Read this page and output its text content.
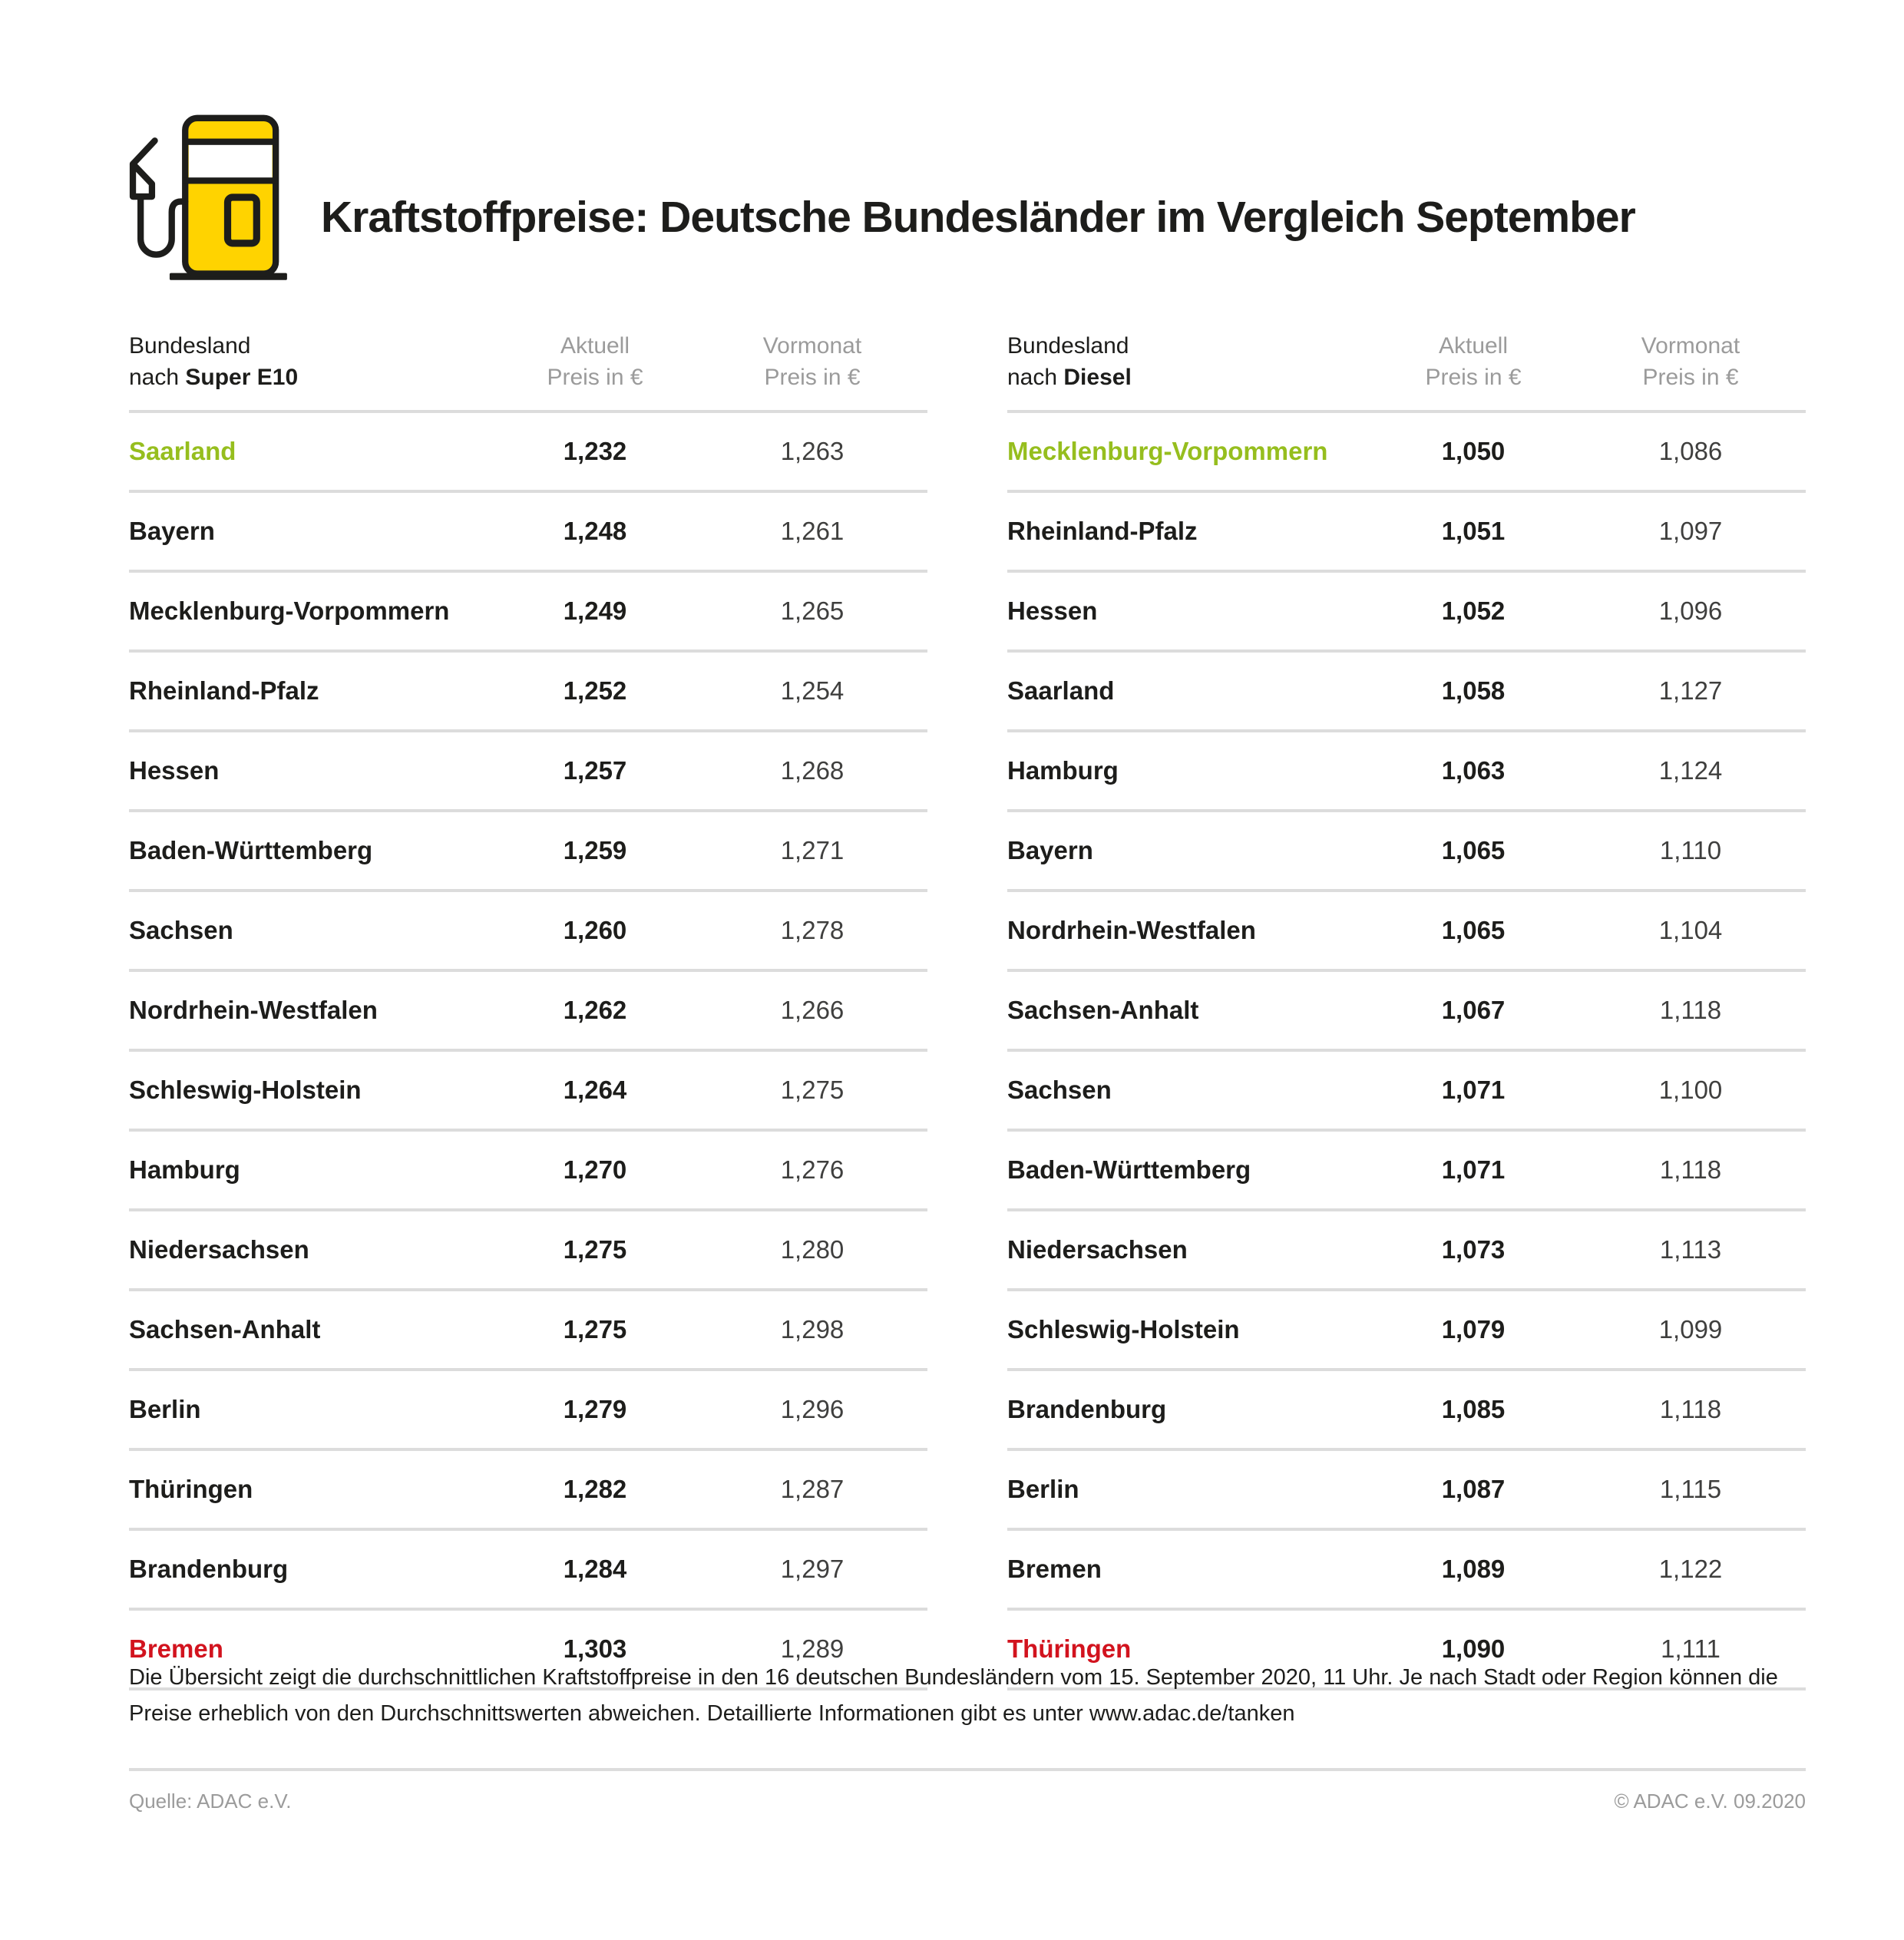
Kraftstoffpreise: Deutsche Bundesländer im Vergleich September
Bundesland
nach Super E10
Aktuell
Preis in €
Vormonat
Preis in €
Saarland	1,232	1,263
Bayern	1,248	1,261
Mecklenburg-Vorpommern	1,249	1,265
Rheinland-Pfalz	1,252	1,254
Hessen	1,257	1,268
Baden-Württemberg	1,259	1,271
Sachsen	1,260	1,278
Nordrhein-Westfalen	1,262	1,266
Schleswig-Holstein	1,264	1,275
Hamburg	1,270	1,276
Niedersachsen	1,275	1,280
Sachsen-Anhalt	1,275	1,298
Berlin	1,279	1,296
Thüringen	1,282	1,287
Brandenburg	1,284	1,297
Bremen	1,303	1,289
Bundesland
nach Diesel
Aktuell
Preis in €
Vormonat
Preis in €
Mecklenburg-Vorpommern	1,050	1,086
Rheinland-Pfalz	1,051	1,097
Hessen	1,052	1,096
Saarland	1,058	1,127
Hamburg	1,063	1,124
Bayern	1,065	1,110
Nordrhein-Westfalen	1,065	1,104
Sachsen-Anhalt	1,067	1,118
Sachsen	1,071	1,100
Baden-Württemberg	1,071	1,118
Niedersachsen	1,073	1,113
Schleswig-Holstein	1,079	1,099
Brandenburg	1,085	1,118
Berlin	1,087	1,115
Bremen	1,089	1,122
Thüringen	1,090	1,111
Die Übersicht zeigt die durchschnittlichen Kraftstoffpreise in den 16 deutschen Bundesländern vom 15. September 2020, 11 Uhr. Je nach Stadt oder Region können die
Preise erheblich von den Durchschnittswerten abweichen. Detaillierte Informationen gibt es unter www.adac.de/tanken
Quelle: ADAC e.V.	© ADAC e.V. 09.2020
